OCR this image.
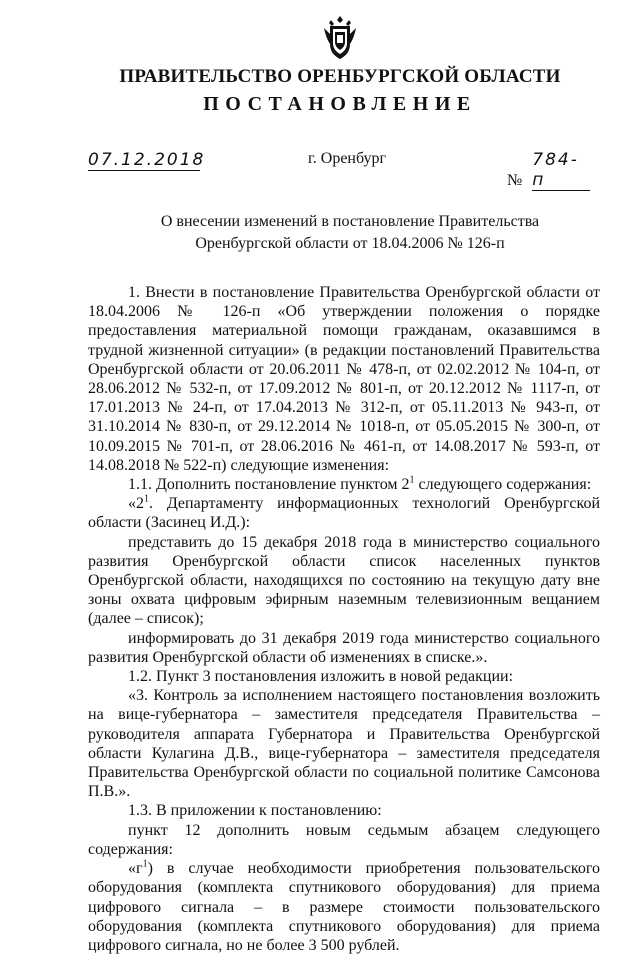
ПРАВИТЕЛЬСТВО ОРЕНБУРГСКОЙ ОБЛАСТИ
ПОСТАНОВЛЕНИЕ
07.12.2018	г. Оренбург
№ 784-п
О внесении изменений в постановление Правительства
Оренбургской области от 18.04.2006 № 126-п

1. Внести в постановление Правительства Оренбургской области от 18.04.2006 № 126-п «Об утверждении положения о порядке предоставления материальной помощи гражданам, оказавшимся в трудной жизненной ситуации» (в редакции постановлений Правительства Оренбургской области от 20.06.2011 № 478-п, от 02.02.2012 № 104-п, от 28.06.2012 № 532-п, от 17.09.2012 № 801-п, от 20.12.2012 № 1117-п, от 17.01.2013 № 24-п, от 17.04.2013 № 312-п, от 05.11.2013 № 943-п, от 31.10.2014 № 830-п, от 29.12.2014 № 1018-п, от 05.05.2015 № 300-п, от 10.09.2015 № 701-п, от 28.06.2016 № 461-п, от 14.08.2017 № 593-п, от 14.08.2018 № 522-п) следующие изменения:

1.1. Дополнить постановление пунктом $2^1$ следующего содержания:

«$2^1$. Департаменту информационных технологий Оренбургской области (Засинец И.Д.):

представить до 15 декабря 2018 года в министерство социального развития Оренбургской области список населенных пунктов Оренбургской области, находящихся по состоянию на текущую дату вне зоны охвата цифровым эфирным наземным телевизионным вещанием (далее – список);

информировать до 31 декабря 2019 года министерство социального развития Оренбургской области об изменениях в списке.».

1.2. Пункт 3 постановления изложить в новой редакции:

«3. Контроль за исполнением настоящего постановления возложить на вице-губернатора – заместителя председателя Правительства – руководителя аппарата Губернатора и Правительства Оренбургской области Кулагина Д.В., вице-губернатора – заместителя председателя Правительства Оренбургской области по социальной политике Самсонова П.В.».

1.3. В приложении к постановлению:

пункт 12 дополнить новым седьмым абзацем следующего содержания:

«$г^1$) в случае необходимости приобретения пользовательского оборудования (комплекта спутникового оборудования) для приема цифрового сигнала – в размере стоимости пользовательского оборудования (комплекта спутникового оборудования) для приема цифрового сигнала, но не более 3 500 рублей.
